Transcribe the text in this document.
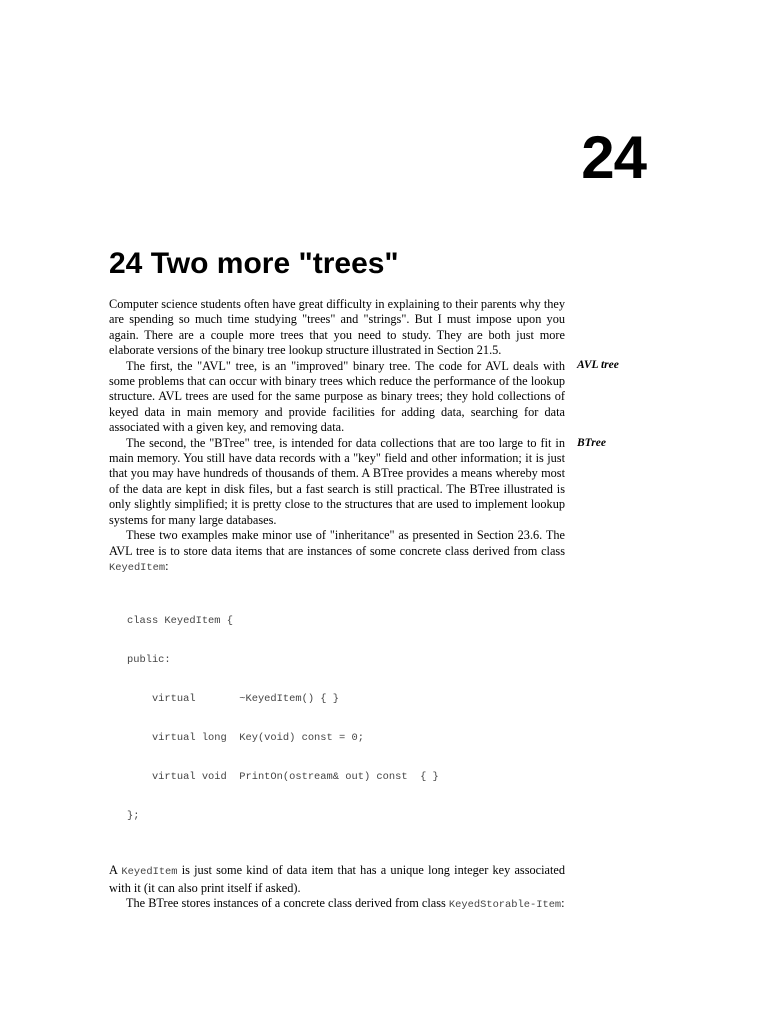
24
24 Two more "trees"
AVL tree
BTree

Computer science students often have great difficulty in explaining to their parents why they are spending so much time studying "trees" and "strings". But I must impose upon you again. There are a couple more trees that you need to study. They are both just more elaborate versions of the binary tree lookup structure illustrated in Section 21.5.

The first, the "AVL" tree, is an "improved" binary tree. The code for AVL deals with some problems that can occur with binary trees which reduce the performance of the lookup structure. AVL trees are used for the same purpose as binary trees; they hold collections of keyed data in main memory and provide facilities for adding data, searching for data associated with a given key, and removing data.

The second, the "BTree" tree, is intended for data collections that are too large to fit in main memory. You still have data records with a "key" field and other information; it is just that you may have hundreds of thousands of them. A BTree provides a means whereby most of the data are kept in disk files, but a fast search is still practical. The BTree illustrated is only slightly simplified; it is pretty close to the structures that are used to implement lookup systems for many large databases.

These two examples make minor use of "inheritance" as presented in Section 23.6. The AVL tree is to store data items that are instances of some concrete class derived from class KeyedItem:

class KeyedItem {

public:

virtual       ~KeyedItem() { }

virtual long  Key(void) const = 0;

virtual void  PrintOn(ostream& out) const  { }

};

A KeyedItem is just some kind of data item that has a unique long integer key associated with it (it can also print itself if asked).

The BTree stores instances of a concrete class derived from class KeyedStorable-Item:
